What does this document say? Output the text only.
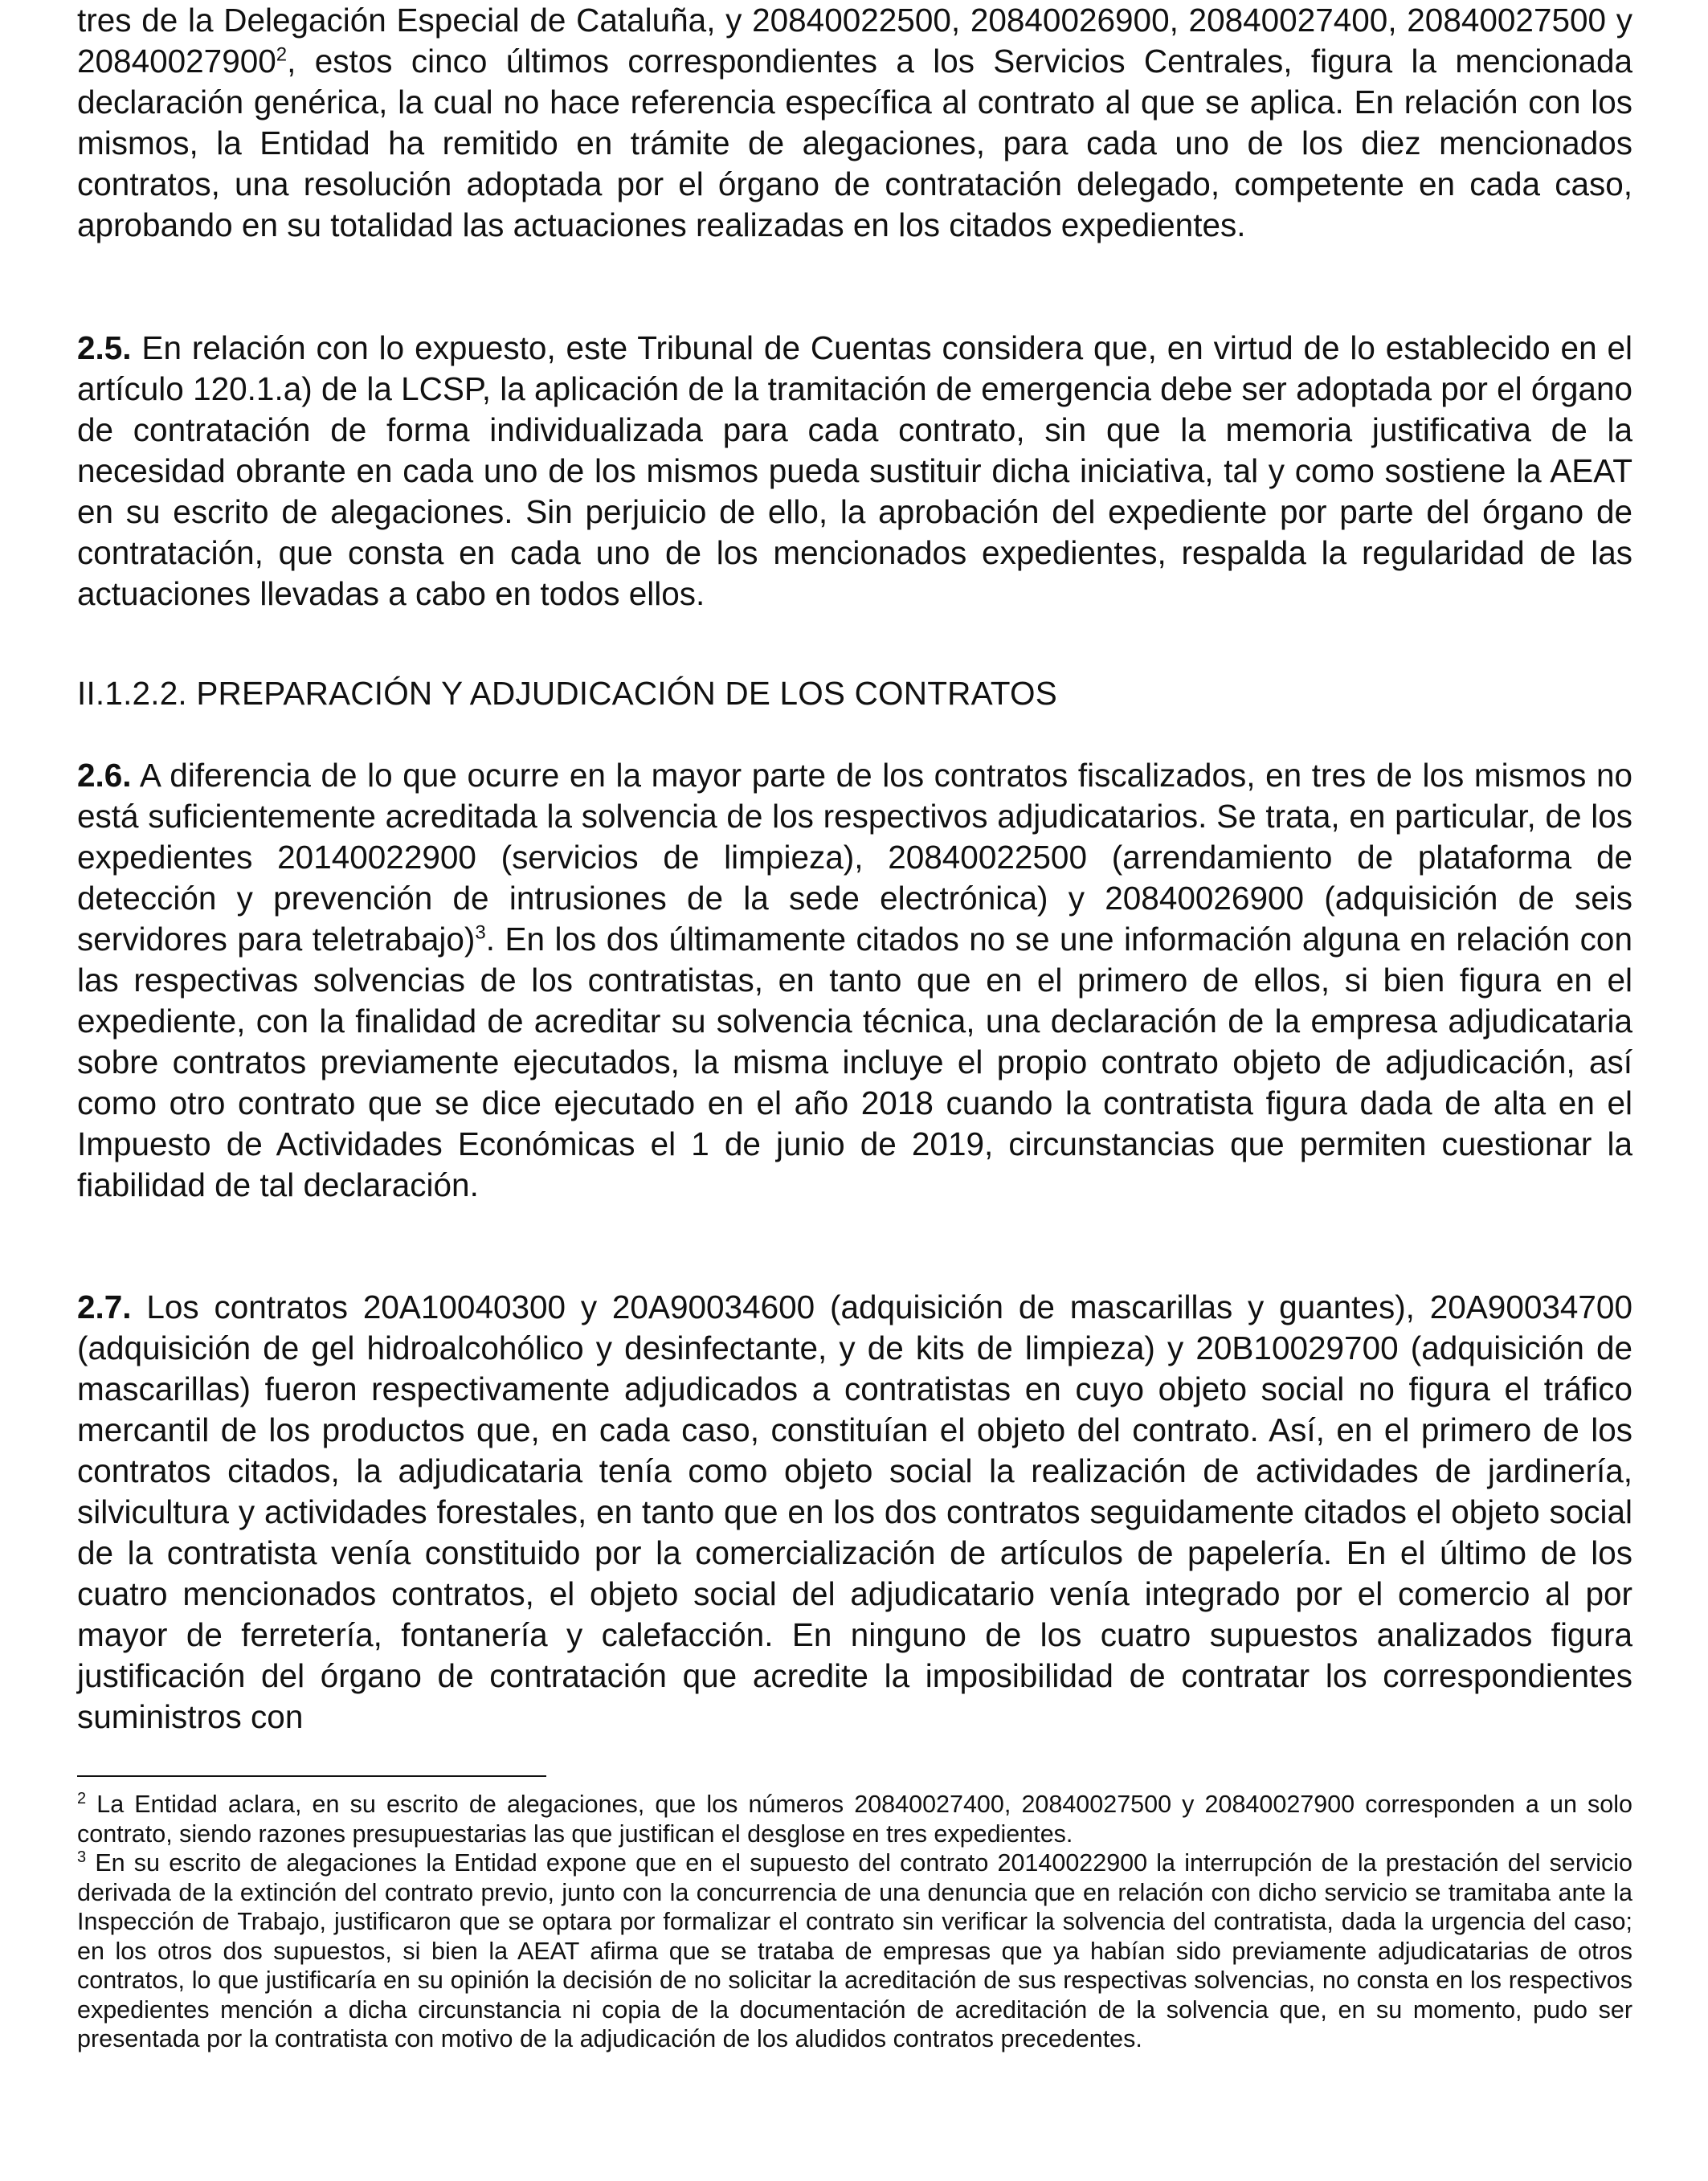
tres de la Delegación Especial de Cataluña, y 20840022500, 20840026900, 20840027400, 20840027500 y 20840027900$^2$, estos cinco últimos correspondientes a los Servicios Centrales, figura la mencionada declaración genérica, la cual no hace referencia específica al contrato al que se aplica. En relación con los mismos, la Entidad ha remitido en trámite de alegaciones, para cada uno de los diez mencionados contratos, una resolución adoptada por el órgano de contratación delegado, competente en cada caso, aprobando en su totalidad las actuaciones realizadas en los citados expedientes.

2.5. En relación con lo expuesto, este Tribunal de Cuentas considera que, en virtud de lo establecido en el artículo 120.1.a) de la LCSP, la aplicación de la tramitación de emergencia debe ser adoptada por el órgano de contratación de forma individualizada para cada contrato, sin que la memoria justificativa de la necesidad obrante en cada uno de los mismos pueda sustituir dicha iniciativa, tal y como sostiene la AEAT en su escrito de alegaciones. Sin perjuicio de ello, la aprobación del expediente por parte del órgano de contratación, que consta en cada uno de los mencionados expedientes, respalda la regularidad de las actuaciones llevadas a cabo en todos ellos.

II.1.2.2. PREPARACIÓN Y ADJUDICACIÓN DE LOS CONTRATOS

2.6. A diferencia de lo que ocurre en la mayor parte de los contratos fiscalizados, en tres de los mismos no está suficientemente acreditada la solvencia de los respectivos adjudicatarios. Se trata, en particular, de los expedientes 20140022900 (servicios de limpieza), 20840022500 (arrendamiento de plataforma de detección y prevención de intrusiones de la sede electrónica) y 20840026900 (adquisición de seis servidores para teletrabajo)$^3$. En los dos últimamente citados no se une información alguna en relación con las respectivas solvencias de los contratistas, en tanto que en el primero de ellos, si bien figura en el expediente, con la finalidad de acreditar su solvencia técnica, una declaración de la empresa adjudicataria sobre contratos previamente ejecutados, la misma incluye el propio contrato objeto de adjudicación, así como otro contrato que se dice ejecutado en el año 2018 cuando la contratista figura dada de alta en el Impuesto de Actividades Económicas el 1 de junio de 2019, circunstancias que permiten cuestionar la fiabilidad de tal declaración.

2.7. Los contratos 20A10040300 y 20A90034600 (adquisición de mascarillas y guantes), 20A90034700 (adquisición de gel hidroalcohólico y desinfectante, y de kits de limpieza) y 20B10029700 (adquisición de mascarillas) fueron respectivamente adjudicados a contratistas en cuyo objeto social no figura el tráfico mercantil de los productos que, en cada caso, constituían el objeto del contrato. Así, en el primero de los contratos citados, la adjudicataria tenía como objeto social la realización de actividades de jardinería, silvicultura y actividades forestales, en tanto que en los dos contratos seguidamente citados el objeto social de la contratista venía constituido por la comercialización de artículos de papelería. En el último de los cuatro mencionados contratos, el objeto social del adjudicatario venía integrado por el comercio al por mayor de ferretería, fontanería y calefacción. En ninguno de los cuatro supuestos analizados figura justificación del órgano de contratación que acredite la imposibilidad de contratar los correspondientes suministros con

$^2$ La Entidad aclara, en su escrito de alegaciones, que los números 20840027400, 20840027500 y 20840027900 corresponden a un solo contrato, siendo razones presupuestarias las que justifican el desglose en tres expedientes.

$^3$ En su escrito de alegaciones la Entidad expone que en el supuesto del contrato 20140022900 la interrupción de la prestación del servicio derivada de la extinción del contrato previo, junto con la concurrencia de una denuncia que en relación con dicho servicio se tramitaba ante la Inspección de Trabajo, justificaron que se optara por formalizar el contrato sin verificar la solvencia del contratista, dada la urgencia del caso; en los otros dos supuestos, si bien la AEAT afirma que se trataba de empresas que ya habían sido previamente adjudicatarias de otros contratos, lo que justificaría en su opinión la decisión de no solicitar la acreditación de sus respectivas solvencias, no consta en los respectivos expedientes mención a dicha circunstancia ni copia de la documentación de acreditación de la solvencia que, en su momento, pudo ser presentada por la contratista con motivo de la adjudicación de los aludidos contratos precedentes.
